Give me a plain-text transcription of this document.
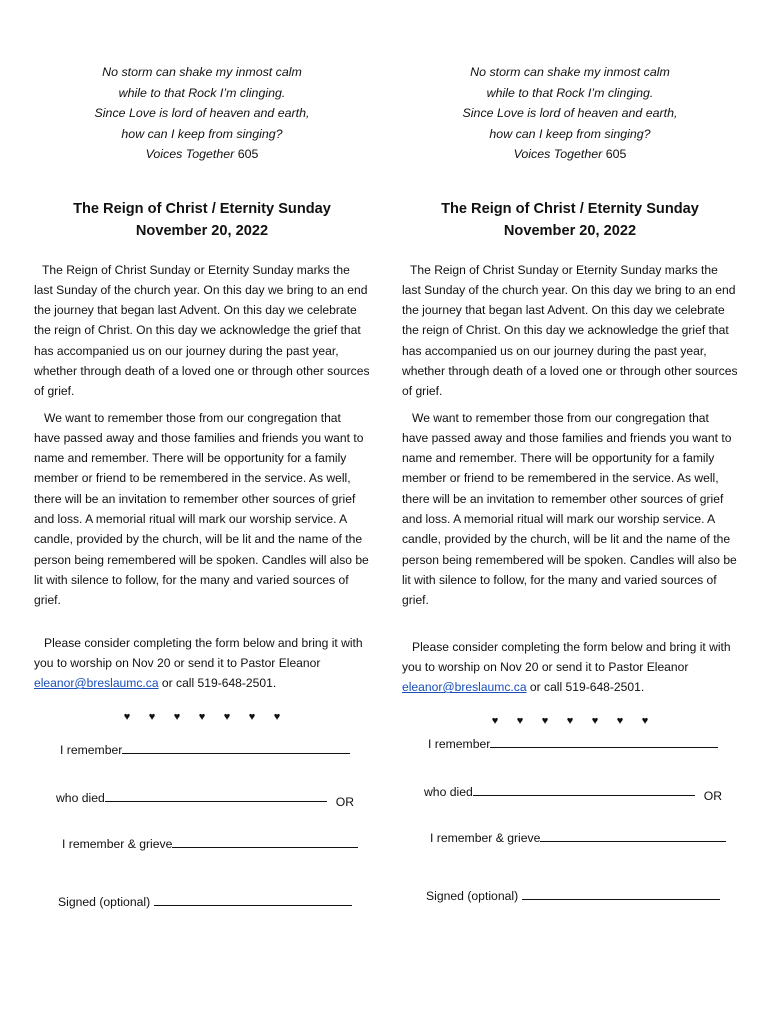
No storm can shake my inmost calm
while to that Rock I’m clinging.
Since Love is lord of heaven and earth,
how can I keep from singing?
Voices Together 605

The Reign of Christ / Eternity Sunday
November 20, 2022

The Reign of Christ Sunday or Eternity Sunday marks the last Sunday of the church year. On this day we bring to an end the journey that began last Advent. On this day we celebrate the reign of Christ. On this day we acknowledge the grief that has accompanied us on our journey during the past year, whether through death of a loved one or through other sources of grief.

We want to remember those from our congregation that have passed away and those families and friends you want to name and remember. There will be opportunity for a family member or friend to be remembered in the service. As well, there will be an invitation to remember other sources of grief and loss. A memorial ritual will mark our worship service. A candle, provided by the church, will be lit and the name of the person being remembered will be spoken. Candles will also be lit with silence to follow, for the many and varied sources of grief.

Please consider completing the form below and bring it with you to worship on Nov 20 or send it to Pastor Eleanor
eleanor@breslaumc.ca or call 519-648-2501.

♥ ♥ ♥ ♥ ♥ ♥ ♥
I remember
who died	OR
I remember & grieve
Signed (optional)

No storm can shake my inmost calm
while to that Rock I’m clinging.
Since Love is lord of heaven and earth,
how can I keep from singing?
Voices Together 605

The Reign of Christ / Eternity Sunday
November 20, 2022

The Reign of Christ Sunday or Eternity Sunday marks the last Sunday of the church year. On this day we bring to an end the journey that began last Advent. On this day we celebrate the reign of Christ. On this day we acknowledge the grief that has accompanied us on our journey during the past year, whether through death of a loved one or through other sources of grief.

We want to remember those from our congregation that have passed away and those families and friends you want to name and remember. There will be opportunity for a family member or friend to be remembered in the service. As well, there will be an invitation to remember other sources of grief and loss. A memorial ritual will mark our worship service. A candle, provided by the church, will be lit and the name of the person being remembered will be spoken. Candles will also be lit with silence to follow, for the many and varied sources of grief.

Please consider completing the form below and bring it with you to worship on Nov 20 or send it to Pastor Eleanor
eleanor@breslaumc.ca or call 519-648-2501.

♥ ♥ ♥ ♥ ♥ ♥ ♥
I remember
who died	OR
I remember & grieve
Signed (optional)
